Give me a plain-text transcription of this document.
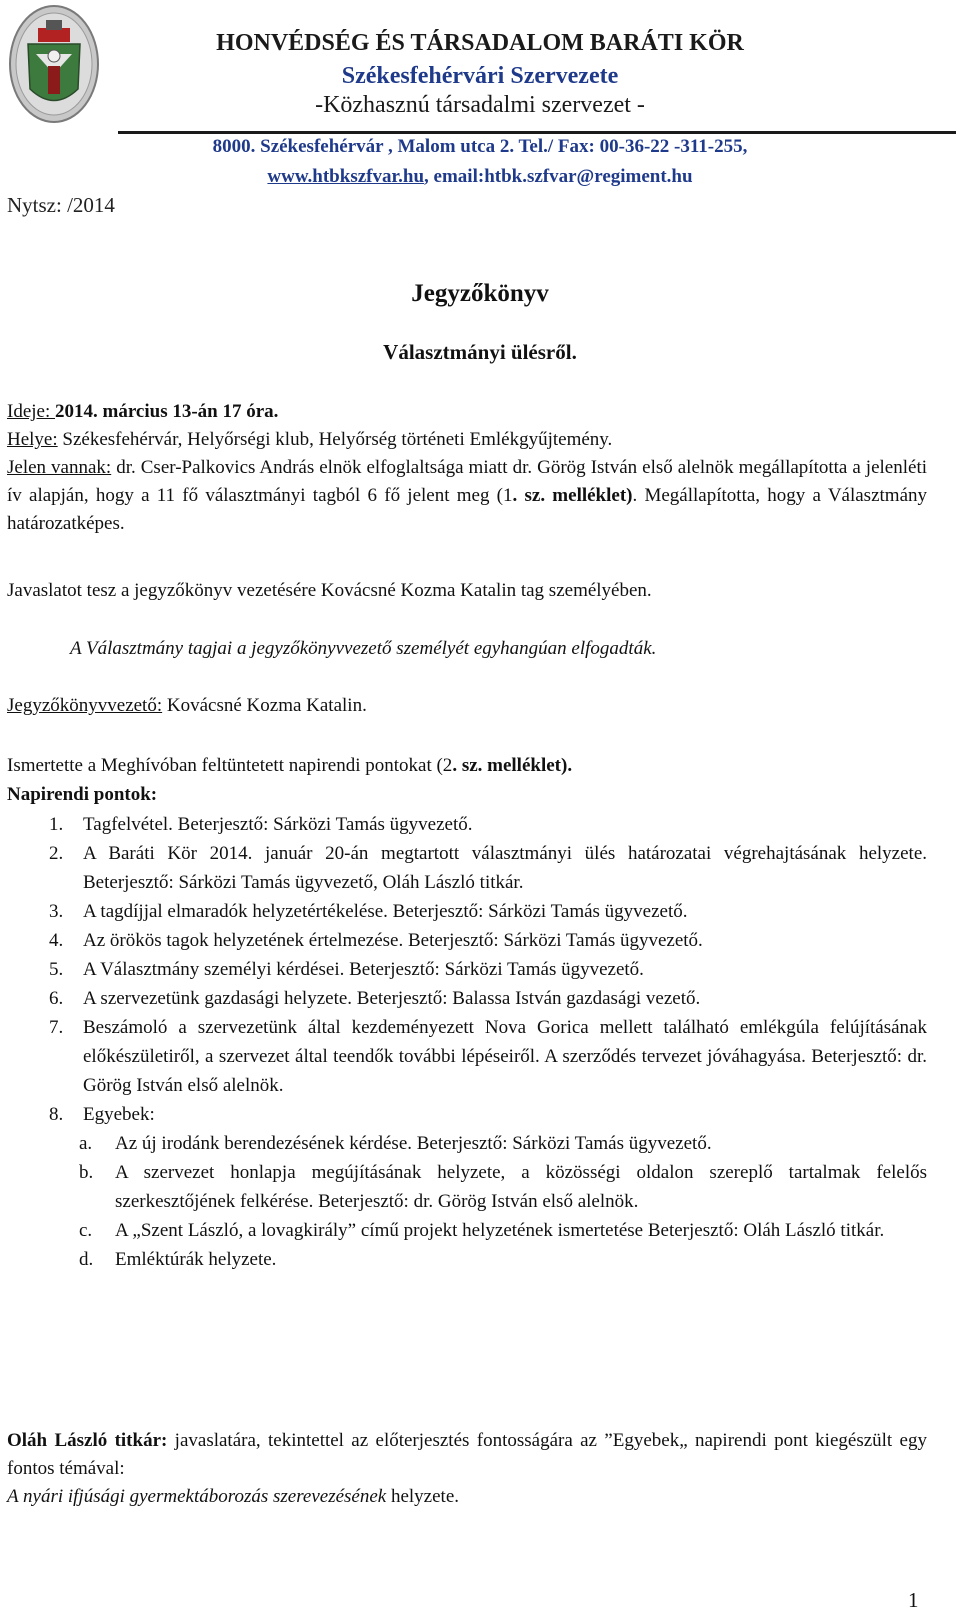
HONVÉDSÉG ÉS TÁRSADALOM BARÁTI KÖR
Székesfehérvári Szervezete
-Közhasznú társadalmi szervezet -
8000. Székesfehérvár , Malom utca 2. Tel./ Fax: 00-36-22 -311-255,
www.htbkszfvar.hu, email:htbk.szfvar@regiment.hu
Nytsz: /2014
Jegyzőkönyv
Választmányi ülésről.
Ideje: 2014. március 13-án 17 óra.
Helye: Székesfehérvár, Helyőrségi klub, Helyőrség történeti Emlékgyűjtemény.
Jelen vannak: dr. Cser-Palkovics András elnök elfoglaltsága miatt dr. Görög István első alelnök megállapította a jelenléti ív alapján, hogy a 11 fő választmányi tagból 6 fő jelent meg (1. sz. melléklet). Megállapította, hogy a Választmány határozatképes.
Javaslatot tesz a jegyzőkönyv vezetésére Kovácsné Kozma Katalin tag személyében.
A Választmány tagjai a jegyzőkönyvvezető személyét egyhangúan elfogadták.
Jegyzőkönyvvezető: Kovácsné Kozma Katalin.
Ismertette a Meghívóban feltüntetett napirendi pontokat (2. sz. melléklet).
Napirendi pontok:
1. Tagfelvétel. Beterjesztő: Sárközi Tamás ügyvezető.
2. A Baráti Kör 2014. január 20-án megtartott választmányi ülés határozatai végrehajtásának helyzete. Beterjesztő: Sárközi Tamás ügyvezető, Oláh László titkár.
3. A tagdíjjal elmaradók helyzetértékelése. Beterjesztő: Sárközi Tamás ügyvezető.
4. Az örökös tagok helyzetének értelmezése. Beterjesztő: Sárközi Tamás ügyvezető.
5. A Választmány személyi kérdései. Beterjesztő: Sárközi Tamás ügyvezető.
6. A szervezetünk gazdasági helyzete. Beterjesztő: Balassa István gazdasági vezető.
7. Beszámoló a szervezetünk által kezdeményezett Nova Gorica mellett található emlékgúla felújításának előkészületiről, a szervezet által teendők további lépéseiről. A szerződés tervezet jóváhagyása. Beterjesztő: dr. Görög István első alelnök.
8. Egyebek:
a. Az új irodánk berendezésének kérdése. Beterjesztő: Sárközi Tamás ügyvezető.
b. A szervezet honlapja megújításának helyzete, a közösségi oldalon szereplő tartalmak felelős szerkesztőjének felkérése. Beterjesztő: dr. Görög István első alelnök.
c. A „Szent László, a lovagkirály” című projekt helyzetének ismertetése Beterjesztő: Oláh László titkár.
d. Emléktúrák helyzete.
Oláh László titkár: javaslatára, tekintettel az előterjesztés fontosságára az ”Egyebek„ napirendi pont kiegészült egy fontos témával:
A nyári ifjúsági gyermektáborozás szerevezésének helyzete.
1
